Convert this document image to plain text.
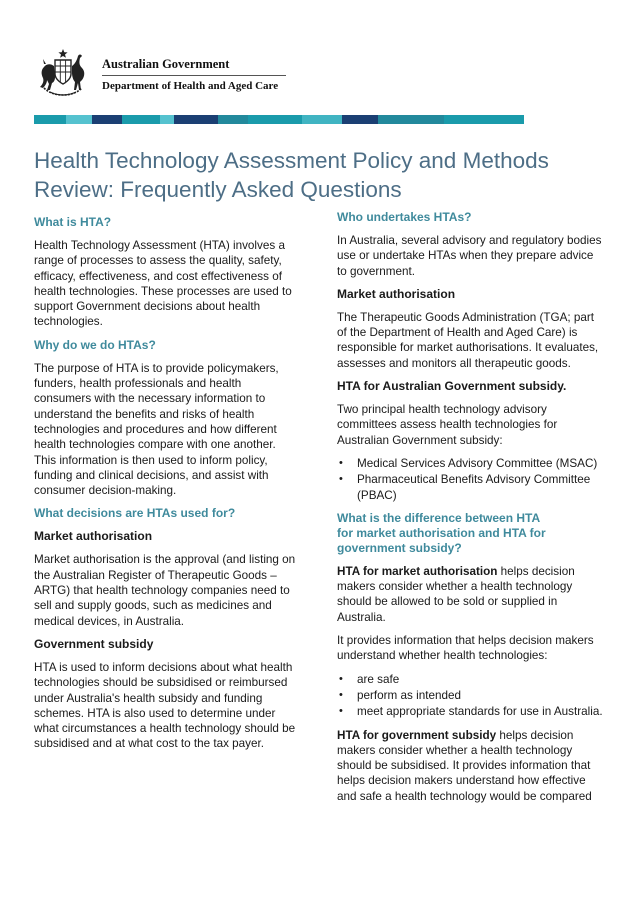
Australian Government
Department of Health and Aged Care
Health Technology Assessment Policy and Methods
Review: Frequently Asked Questions
What is HTA?

Health Technology Assessment (HTA) involves a range of processes to assess the quality, safety, efficacy, effectiveness, and cost effectiveness of health technologies. These processes are used to support Government decisions about health technologies.

Why do we do HTAs?

The purpose of HTA is to provide policymakers, funders, health professionals and health consumers with the necessary information to understand the benefits and risks of health technologies and procedures and how different health technologies compare with one another. This information is then used to inform policy, funding and clinical decisions, and assist with consumer decision-making.

What decisions are HTAs used for?
Market authorisation

Market authorisation is the approval (and listing on the Australian Register of Therapeutic Goods – ARTG) that health technology companies need to sell and supply goods, such as medicines and medical devices, in Australia.

Government subsidy

HTA is used to inform decisions about what health technologies should be subsidised or reimbursed under Australia's health subsidy and funding schemes. HTA is also used to determine under what circumstances a health technology should be subsidised and at what cost to the tax payer.

Who undertakes HTAs?

In Australia, several advisory and regulatory bodies use or undertake HTAs when they prepare advice to government.

Market authorisation

The Therapeutic Goods Administration (TGA; part of the Department of Health and Aged Care) is responsible for market authorisations. It evaluates, assesses and monitors all therapeutic goods.

HTA for Australian Government subsidy.

Two principal health technology advisory committees assess health technologies for Australian Government subsidy:

• Medical Services Advisory Committee (MSAC)
• Pharmaceutical Benefits Advisory Committee (PBAC)
What is the difference between HTA
for market authorisation and HTA for
government subsidy?

HTA for market authorisation helps decision makers consider whether a health technology should be allowed to be sold or supplied in Australia.

It provides information that helps decision makers understand whether health technologies:

• are safe
• perform as intended
• meet appropriate standards for use in Australia.

HTA for government subsidy helps decision makers consider whether a health technology should be subsidised. It provides information that helps decision makers understand how effective and safe a health technology would be compared
